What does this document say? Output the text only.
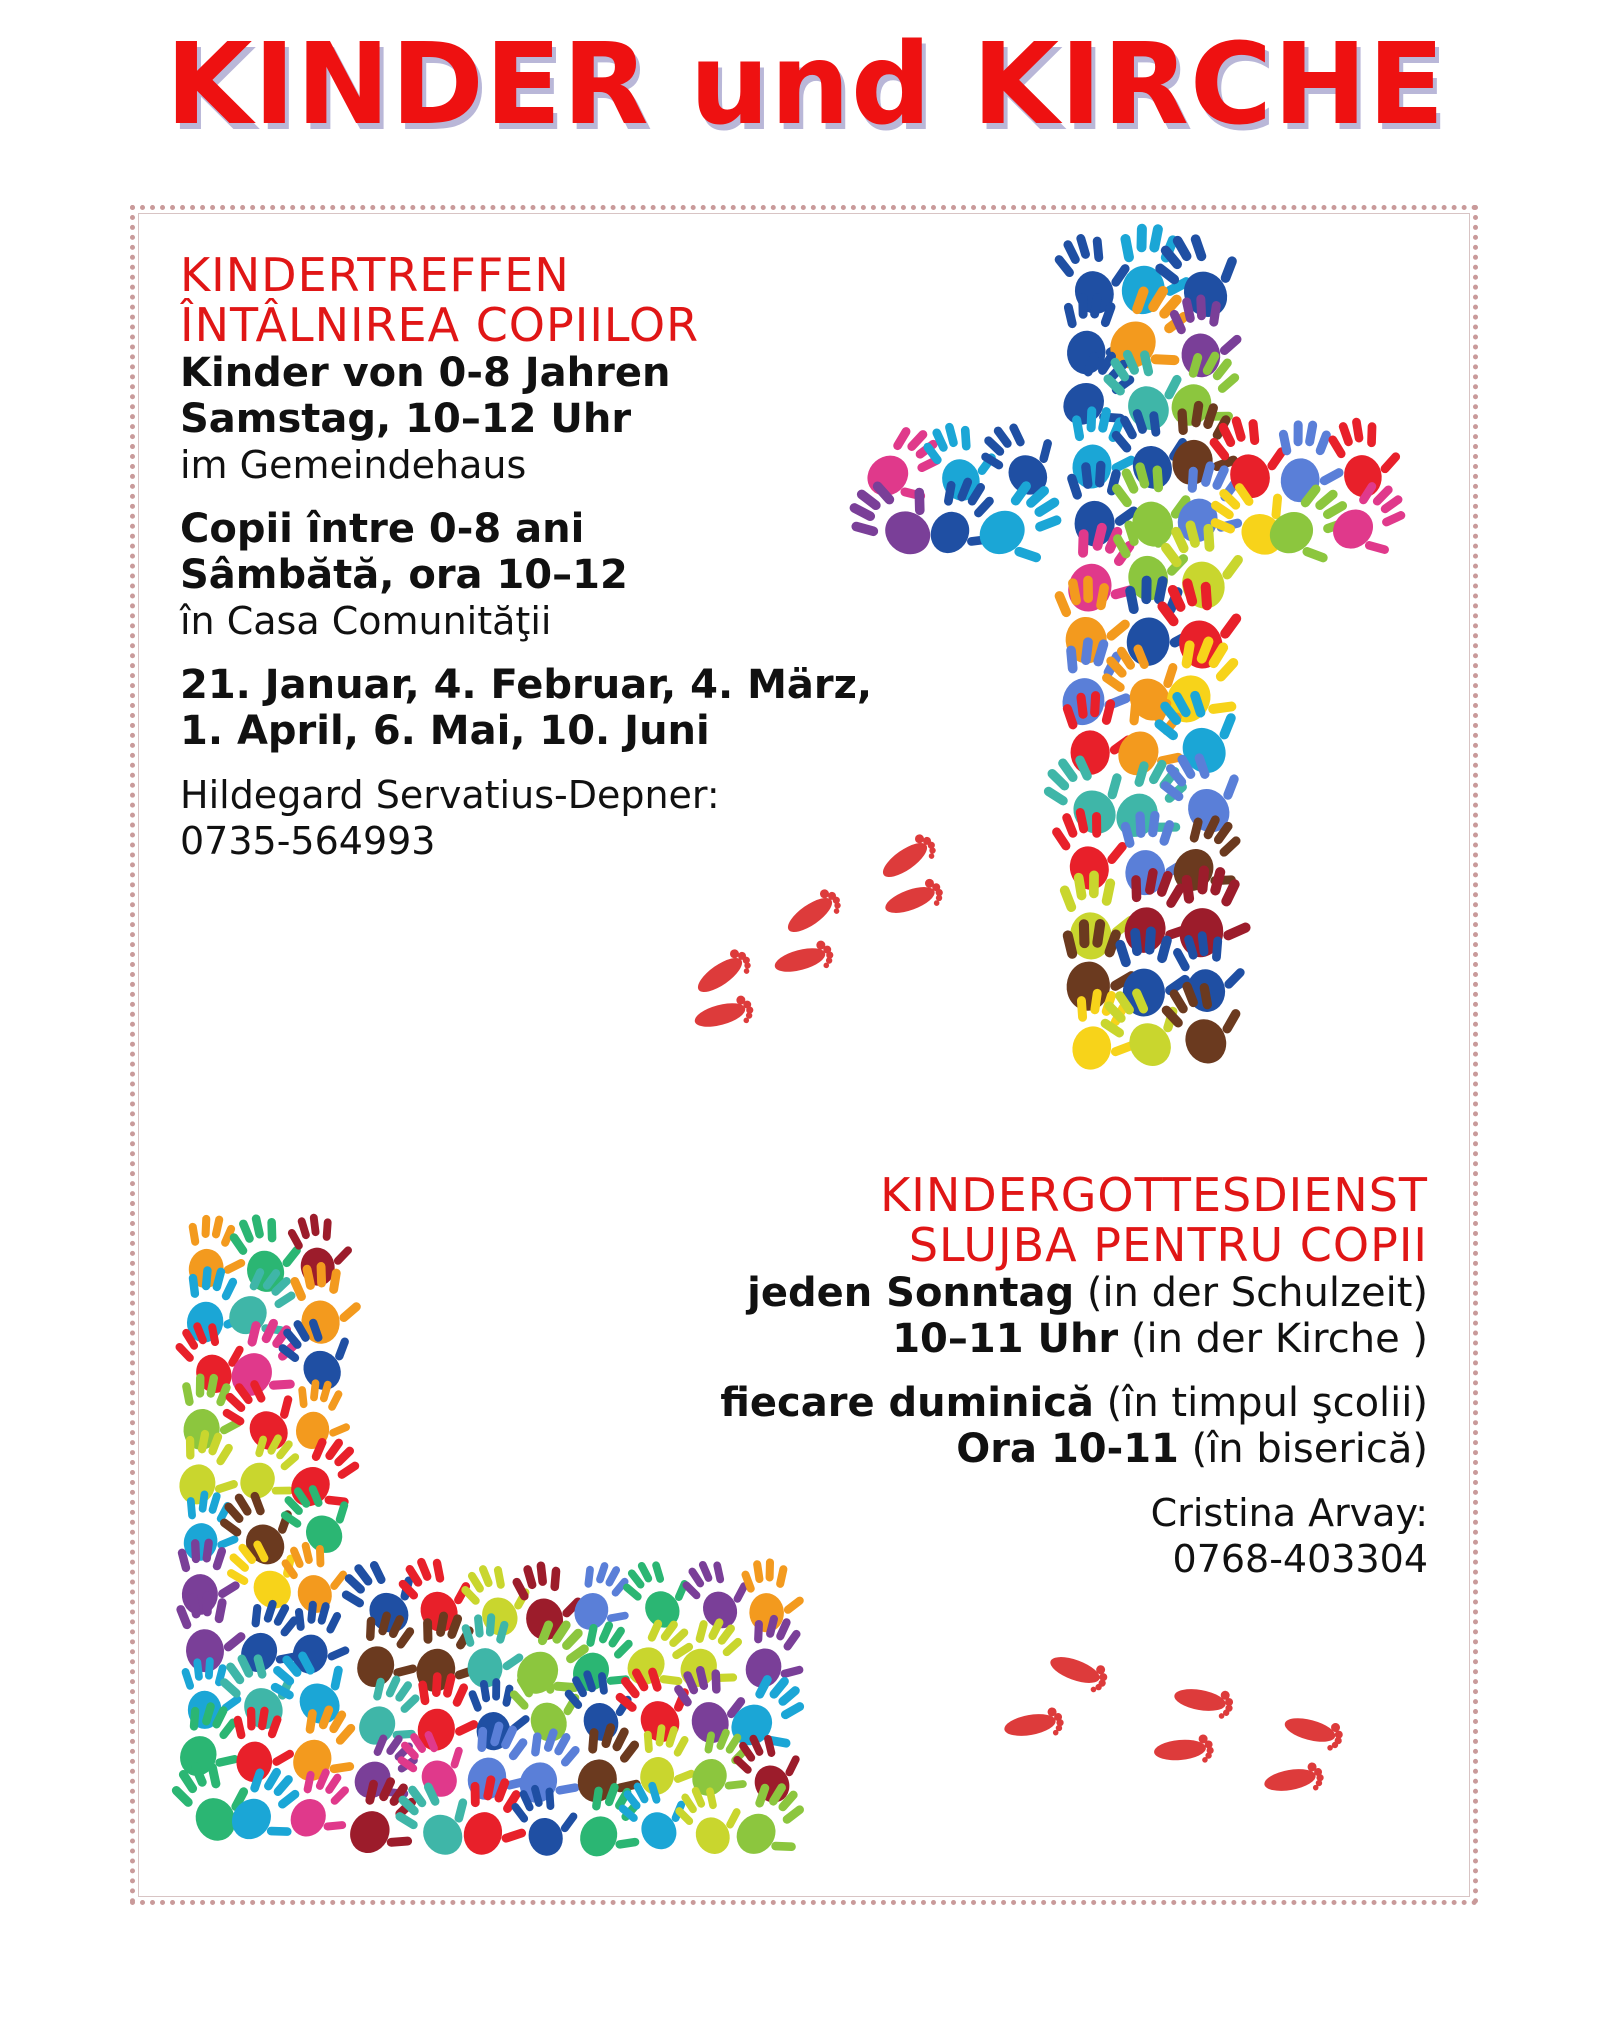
KINDER und KIRCHE
KINDERTREFFEN
ÎNTÂLNIREA COPIILOR
Kinder von 0-8 Jahren
Samstag, 10–12 Uhr
im Gemeindehaus
Copii între 0-8 ani
Sâmbătă, ora 10–12
în Casa Comunităţii
21. Januar, 4. Februar, 4. März,
1. April, 6. Mai, 10. Juni
Hildegard Servatius-Depner:
0735-564993
KINDERGOTTESDIENST
SLUJBA PENTRU COPII
jeden Sonntag (in der Schulzeit)
10–11 Uhr (in der Kirche )
fiecare duminică (în timpul şcolii)
Ora 10-11 (în biserică)
Cristina Arvay:
0768-403304
